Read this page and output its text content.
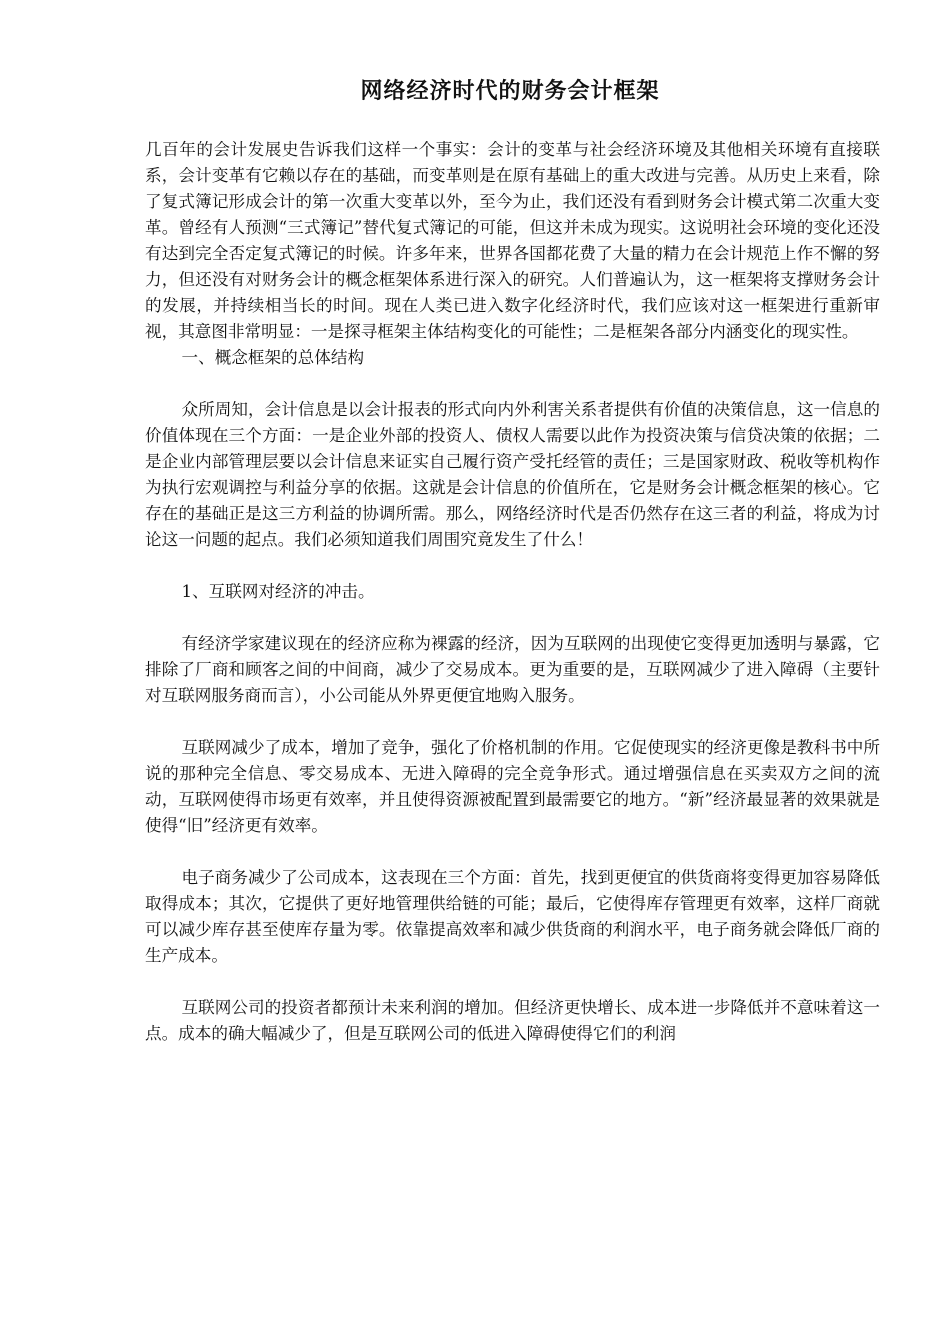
网络经济时代的财务会计框架

几百年的会计发展史告诉我们这样一个事实：会计的变革与社会经济环境及其他相关环境有直接联系，会计变革有它赖以存在的基础，而变革则是在原有基础上的重大改进与完善。从历史上来看，除了复式簿记形成会计的第一次重大变革以外，至今为止，我们还没有看到财务会计模式第二次重大变革。曾经有人预测“三式簿记”替代复式簿记的可能，但这并未成为现实。这说明社会环境的变化还没有达到完全否定复式簿记的时候。许多年来，世界各国都花费了大量的精力在会计规范上作不懈的努力，但还没有对财务会计的概念框架体系进行深入的研究。人们普遍认为，这一框架将支撑财务会计的发展，并持续相当长的时间。现在人类已进入数字化经济时代，我们应该对这一框架进行重新审视，其意图非常明显：一是探寻框架主体结构变化的可能性；二是框架各部分内涵变化的现实性。

一、概念框架的总体结构

众所周知，会计信息是以会计报表的形式向内外利害关系者提供有价值的决策信息，这一信息的价值体现在三个方面：一是企业外部的投资人、债权人需要以此作为投资决策与信贷决策的依据；二是企业内部管理层要以会计信息来证实自己履行资产受托经管的责任；三是国家财政、税收等机构作为执行宏观调控与利益分享的依据。这就是会计信息的价值所在，它是财务会计概念框架的核心。它存在的基础正是这三方利益的协调所需。那么，网络经济时代是否仍然存在这三者的利益，将成为讨论这一问题的起点。我们必须知道我们周围究竟发生了什么！

1、互联网对经济的冲击。

有经济学家建议现在的经济应称为裸露的经济，因为互联网的出现使它变得更加透明与暴露，它排除了厂商和顾客之间的中间商，减少了交易成本。更为重要的是，互联网减少了进入障碍（主要针对互联网服务商而言），小公司能从外界更便宜地购入服务。

互联网减少了成本，增加了竞争，强化了价格机制的作用。它促使现实的经济更像是教科书中所说的那种完全信息、零交易成本、无进入障碍的完全竞争形式。通过增强信息在买卖双方之间的流动，互联网使得市场更有效率，并且使得资源被配置到最需要它的地方。“新”经济最显著的效果就是使得“旧”经济更有效率。

电子商务减少了公司成本，这表现在三个方面：首先，找到更便宜的供货商将变得更加容易降低取得成本；其次，它提供了更好地管理供给链的可能；最后，它使得库存管理更有效率，这样厂商就可以减少库存甚至使库存量为零。依靠提高效率和减少供货商的利润水平，电子商务就会降低厂商的生产成本。

互联网公司的投资者都预计未来利润的增加。但经济更快增长、成本进一步降低并不意味着这一点。成本的确大幅减少了，但是互联网公司的低进入障碍使得它们的利润
